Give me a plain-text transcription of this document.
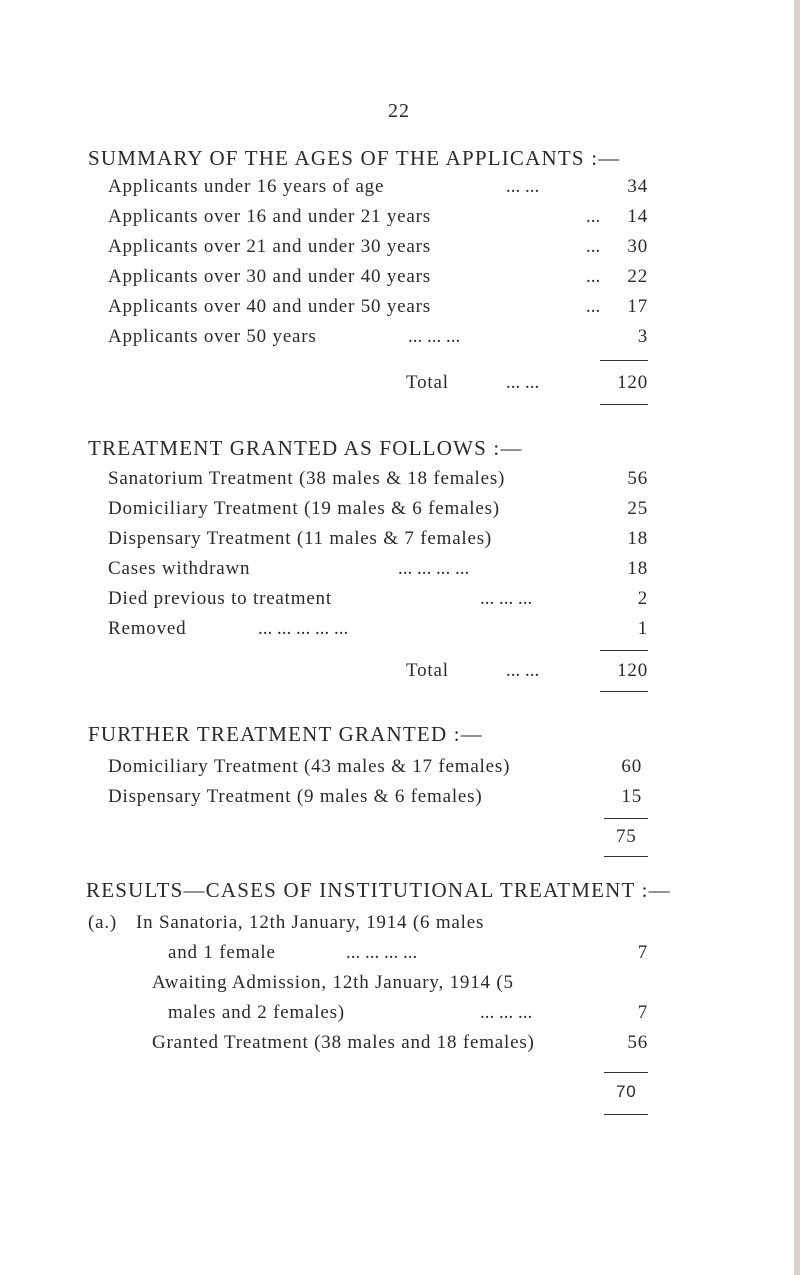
22
SUMMARY OF THE AGES OF THE APPLICANTS :—
Applicants under 16 years of age	... ...	34
Applicants over 16 and under 21 years	... 14
Applicants over 21 and under 30 years	... 30
Applicants over 30 and under 40 years	... 22
Applicants over 40 and under 50 years	... 17
Applicants over 50 years	... ... ...	3
Total	... ...	120
TREATMENT GRANTED AS FOLLOWS :—
Sanatorium Treatment (38 males & 18 females)	56
Domiciliary Treatment (19 males & 6 females)	25
Dispensary Treatment (11 males & 7 females)	18
Cases withdrawn	... ... ... ...	18
Died previous to treatment	... ... ...	2
Removed	... ... ... ... ...	1
Total	... ...	120
FURTHER TREATMENT GRANTED :—
Domiciliary Treatment (43 males & 17 females)	60
Dispensary Treatment (9 males & 6 females)	15
75
RESULTS—CASES OF INSTITUTIONAL TREATMENT :—
(a.) In Sanatoria, 12th January, 1914 (6 males
and 1 female	... ... ... ...	7
Awaiting Admission, 12th January, 1914 (5
males and 2 females)	... ... ...	7
Granted Treatment (38 males and 18 females)	56
70
